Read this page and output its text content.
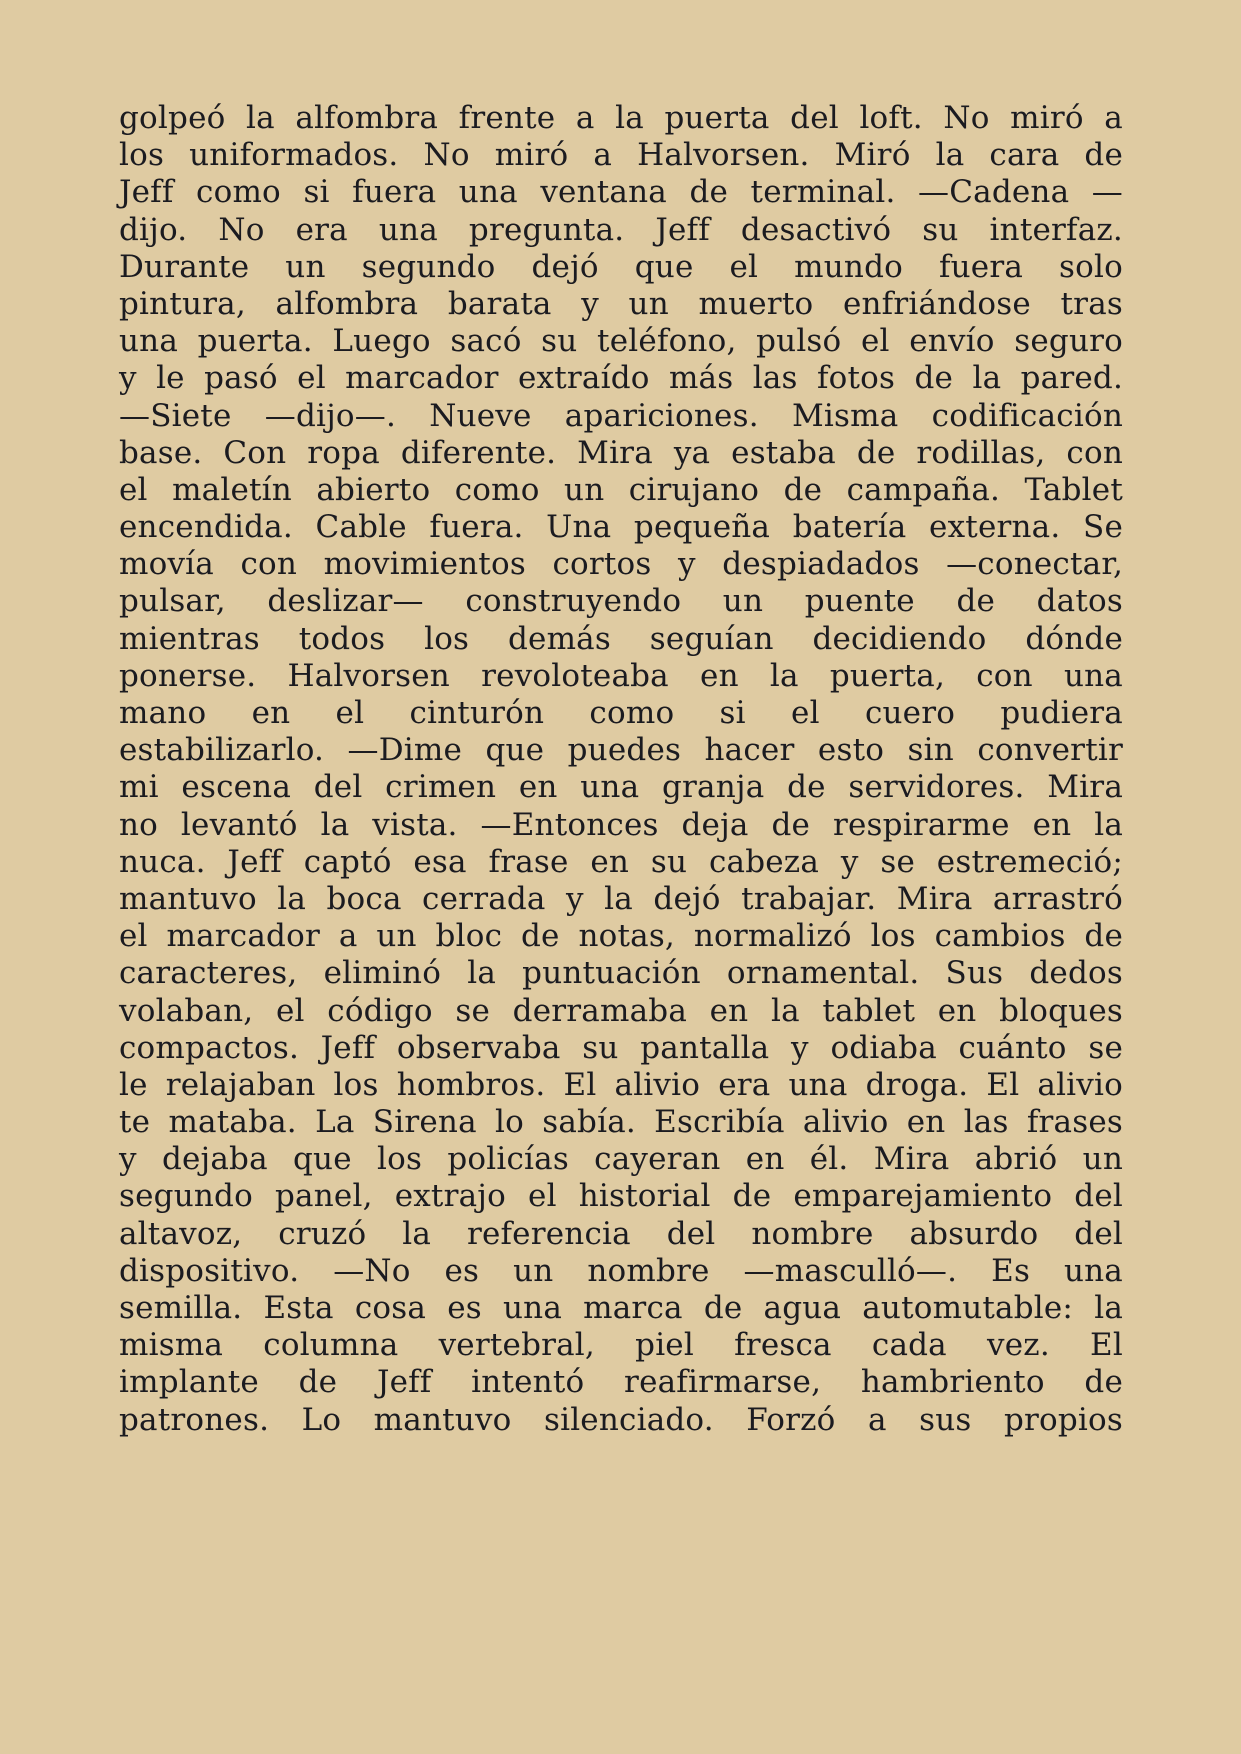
golpeó la alfombra frente a la puerta del loft. No miró a
los uniformados. No miró a Halvorsen. Miró la cara de
Jeff como si fuera una ventana de terminal. —Cadena —
dijo. No era una pregunta. Jeff desactivó su interfaz.
Durante un segundo dejó que el mundo fuera solo
pintura, alfombra barata y un muerto enfriándose tras
una puerta. Luego sacó su teléfono, pulsó el envío seguro
y le pasó el marcador extraído más las fotos de la pared.
—Siete —dijo—. Nueve apariciones. Misma codificación
base. Con ropa diferente. Mira ya estaba de rodillas, con
el maletín abierto como un cirujano de campaña. Tablet
encendida. Cable fuera. Una pequeña batería externa. Se
movía con movimientos cortos y despiadados —conectar,
pulsar, deslizar— construyendo un puente de datos
mientras todos los demás seguían decidiendo dónde
ponerse. Halvorsen revoloteaba en la puerta, con una
mano en el cinturón como si el cuero pudiera
estabilizarlo. —Dime que puedes hacer esto sin convertir
mi escena del crimen en una granja de servidores. Mira
no levantó la vista. —Entonces deja de respirarme en la
nuca. Jeff captó esa frase en su cabeza y se estremeció;
mantuvo la boca cerrada y la dejó trabajar. Mira arrastró
el marcador a un bloc de notas, normalizó los cambios de
caracteres, eliminó la puntuación ornamental. Sus dedos
volaban, el código se derramaba en la tablet en bloques
compactos. Jeff observaba su pantalla y odiaba cuánto se
le relajaban los hombros. El alivio era una droga. El alivio
te mataba. La Sirena lo sabía. Escribía alivio en las frases
y dejaba que los policías cayeran en él. Mira abrió un
segundo panel, extrajo el historial de emparejamiento del
altavoz, cruzó la referencia del nombre absurdo del
dispositivo. —No es un nombre —masculló—. Es una
semilla. Esta cosa es una marca de agua automutable: la
misma columna vertebral, piel fresca cada vez. El
implante de Jeff intentó reafirmarse, hambriento de
patrones. Lo mantuvo silenciado. Forzó a sus propios
